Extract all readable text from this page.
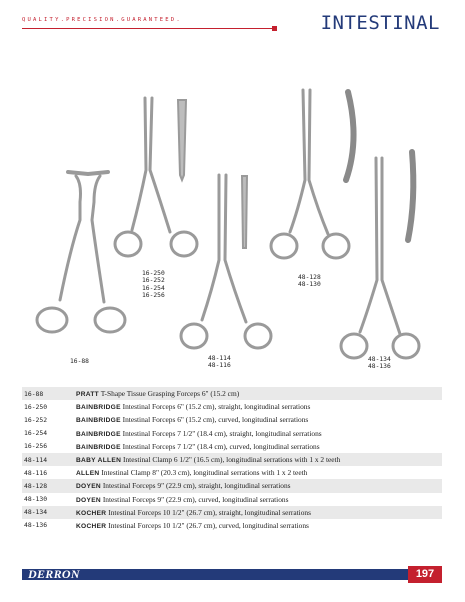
QUALITY.PRECISION.GUARANTEED.	INTESTINAL
16-88
16-250
16-252
16-254
16-256
48-114
48-116
48-128
48-130
48-134
48-136
16-88	PRATT T-Shape Tissue Grasping Forceps 6" (15.2 cm)
16-250	BAINBRIDGE Intestinal Forceps 6" (15.2 cm), straight, longitudinal serrations
16-252	BAINBRIDGE Intestinal Forceps 6" (15.2 cm), curved, longitudinal serrations
16-254	BAINBRIDGE Intestinal Forceps 7 1/2" (18.4 cm), straight, longitudinal serrations
16-256	BAINBRIDGE Intestinal Forceps 7 1/2" (18.4 cm), curved, longitudinal serrations
48-114	BABY ALLEN Intestinal Clamp 6 1/2" (16.5 cm), longitudinal serrations with 1 x 2 teeth
48-116	ALLEN Intestinal Clamp 8" (20.3 cm), longitudinal serrations with 1 x 2 teeth
48-128	DOYEN Intestinal Forceps 9" (22.9 cm), straight, longitudinal serrations
48-130	DOYEN Intestinal Forceps 9" (22.9 cm), curved, longitudinal serrations
48-134	KOCHER Intestinal Forceps 10 1/2" (26.7 cm), straight, longitudinal serrations
48-136	KOCHER Intestinal Forceps 10 1/2" (26.7 cm), curved, longitudinal serrations
DERRON	197
